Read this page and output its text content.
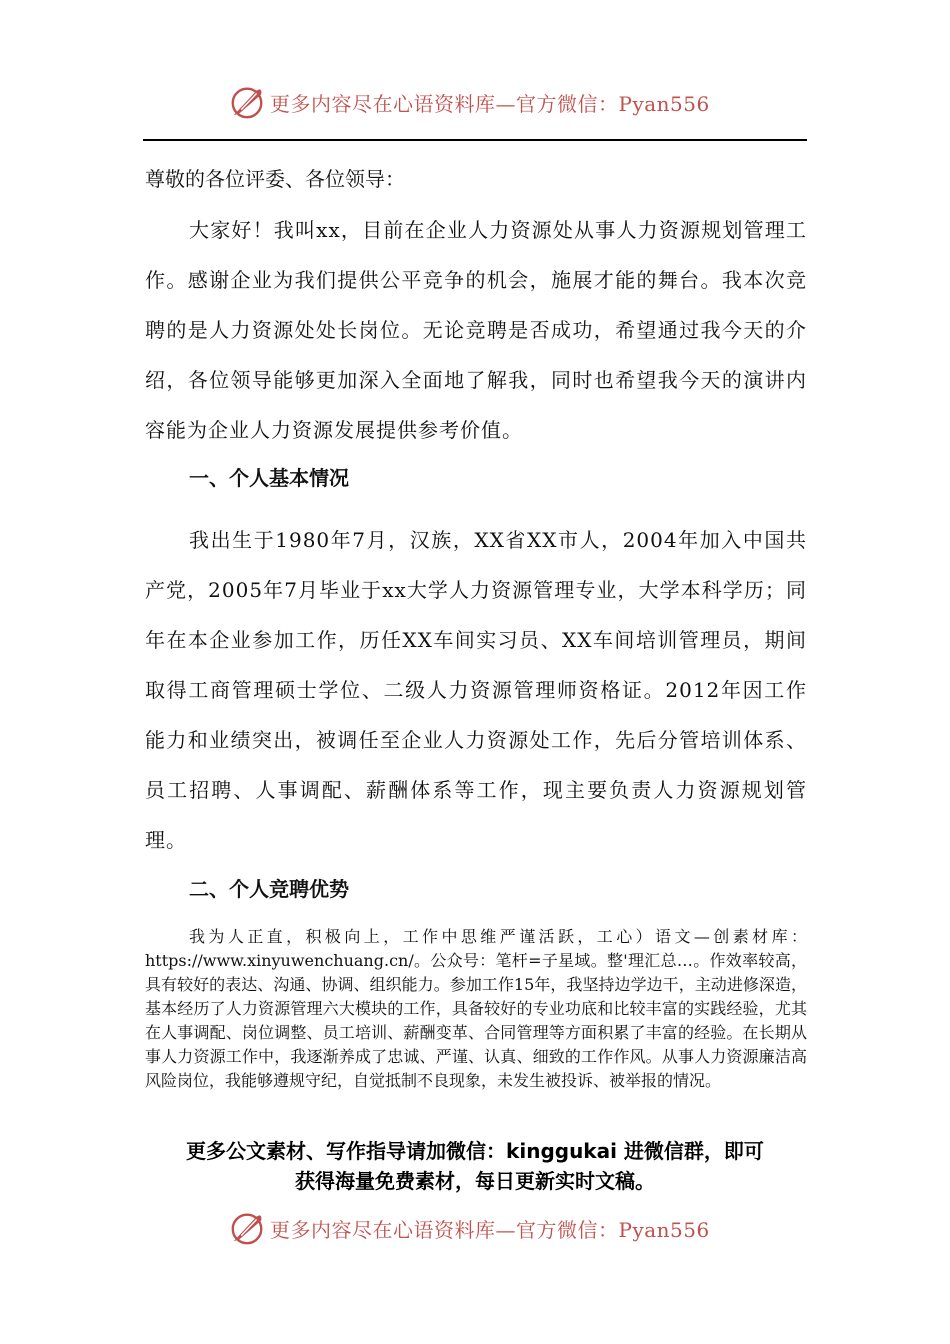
更多内容尽在心语资料库—官方微信：Pyan556
尊敬的各位评委、各位领导：

大家好！我叫xx，目前在企业人力资源处从事人力资源规划管理工作。感谢企业为我们提供公平竞争的机会，施展才能的舞台。我本次竞聘的是人力资源处处长岗位。无论竞聘是否成功，希望通过我今天的介绍，各位领导能够更加深入全面地了解我，同时也希望我今天的演讲内容能为企业人力资源发展提供参考价值。

一、个人基本情况

我出生于1980年7月，汉族，XX省XX市人，2004年加入中国共产党，2005年7月毕业于xx大学人力资源管理专业，大学本科学历；同年在本企业参加工作，历任XX车间实习员、XX车间培训管理员，期间取得工商管理硕士学位、二级人力资源管理师资格证。2012年因工作能力和业绩突出，被调任至企业人力资源处工作，先后分管培训体系、员工招聘、人事调配、薪酬体系等工作，现主要负责人力资源规划管理。

二、个人竞聘优势

我为人正直，积极向上，工作中思维严谨活跃，工心）语文—创素材库：https://www.xinyuwenchuang.cn/。公众号：笔杆=子星域。整'理汇总…。作效率较高，具有较好的表达、沟通、协调、组织能力。参加工作15年，我坚持边学边干，主动进修深造，基本经历了人力资源管理六大模块的工作，具备较好的专业功底和比较丰富的实践经验，尤其在人事调配、岗位调整、员工培训、薪酬变革、合同管理等方面积累了丰富的经验。在长期从事人力资源工作中，我逐渐养成了忠诚、严谨、认真、细致的工作作风。从事人力资源廉洁高风险岗位，我能够遵规守纪，自觉抵制不良现象，未发生被投诉、被举报的情况。

更多公文素材、写作指导请加微信：kinggukai 进微信群，即可
获得海量免费素材，每日更新实时文稿。
更多内容尽在心语资料库—官方微信：Pyan556
